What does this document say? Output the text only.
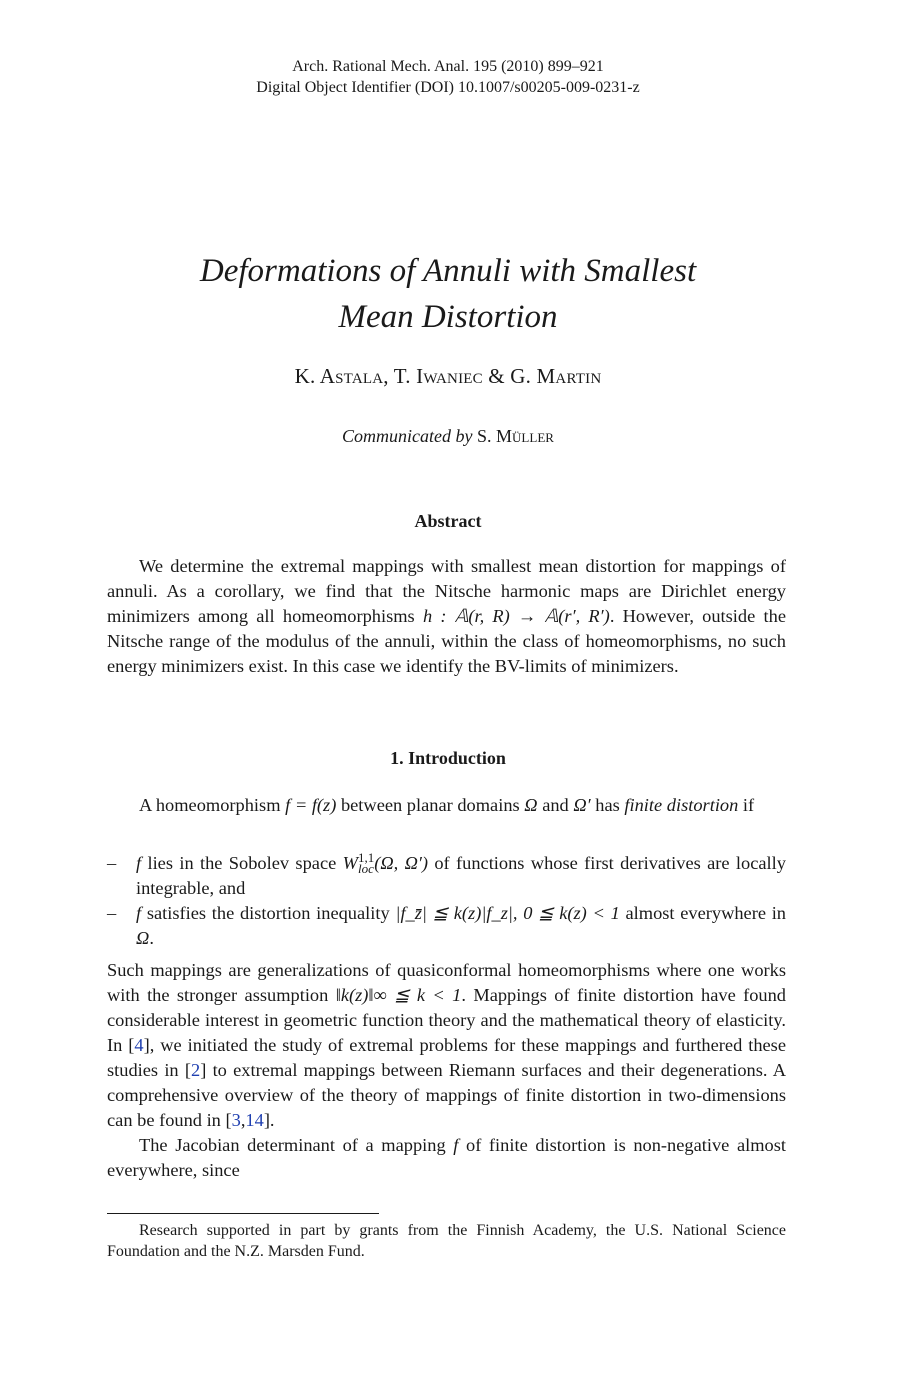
Arch. Rational Mech. Anal. 195 (2010) 899–921
Digital Object Identifier (DOI) 10.1007/s00205-009-0231-z
Deformations of Annuli with Smallest
Mean Distortion
K. Astala, T. Iwaniec & G. Martin
Communicated by S. Müller
Abstract
We determine the extremal mappings with smallest mean distortion for mappings of annuli. As a corollary, we find that the Nitsche harmonic maps are Dirichlet energy minimizers among all homeomorphisms h : 𝔸(r, R) → 𝔸(r′, R′). However, outside the Nitsche range of the modulus of the annuli, within the class of homeomorphisms, no such energy minimizers exist. In this case we identify the BV-limits of minimizers.
1. Introduction
A homeomorphism f = f(z) between planar domains Ω and Ω′ has finite distortion if
– f lies in the Sobolev space W 1,1
loc (Ω, Ω′) of functions whose first derivatives are locally integrable, and
– f satisfies the distortion inequality |f_z̄| ≦ k(z)|f_z|, 0 ≦ k(z) < 1 almost everywhere in Ω.
Such mappings are generalizations of quasiconformal homeomorphisms where one works with the stronger assumption ‖k(z)‖∞ ≦ k < 1. Mappings of finite distortion have found considerable interest in geometric function theory and the mathematical theory of elasticity. In [4], we initiated the study of extremal problems for these mappings and furthered these studies in [2] to extremal mappings between Riemann surfaces and their degenerations. A comprehensive overview of the theory of mappings of finite distortion in two-dimensions can be found in [3,14].
The Jacobian determinant of a mapping f of finite distortion is non-negative almost everywhere, since
Research supported in part by grants from the Finnish Academy, the U.S. National Science Foundation and the N.Z. Marsden Fund.
